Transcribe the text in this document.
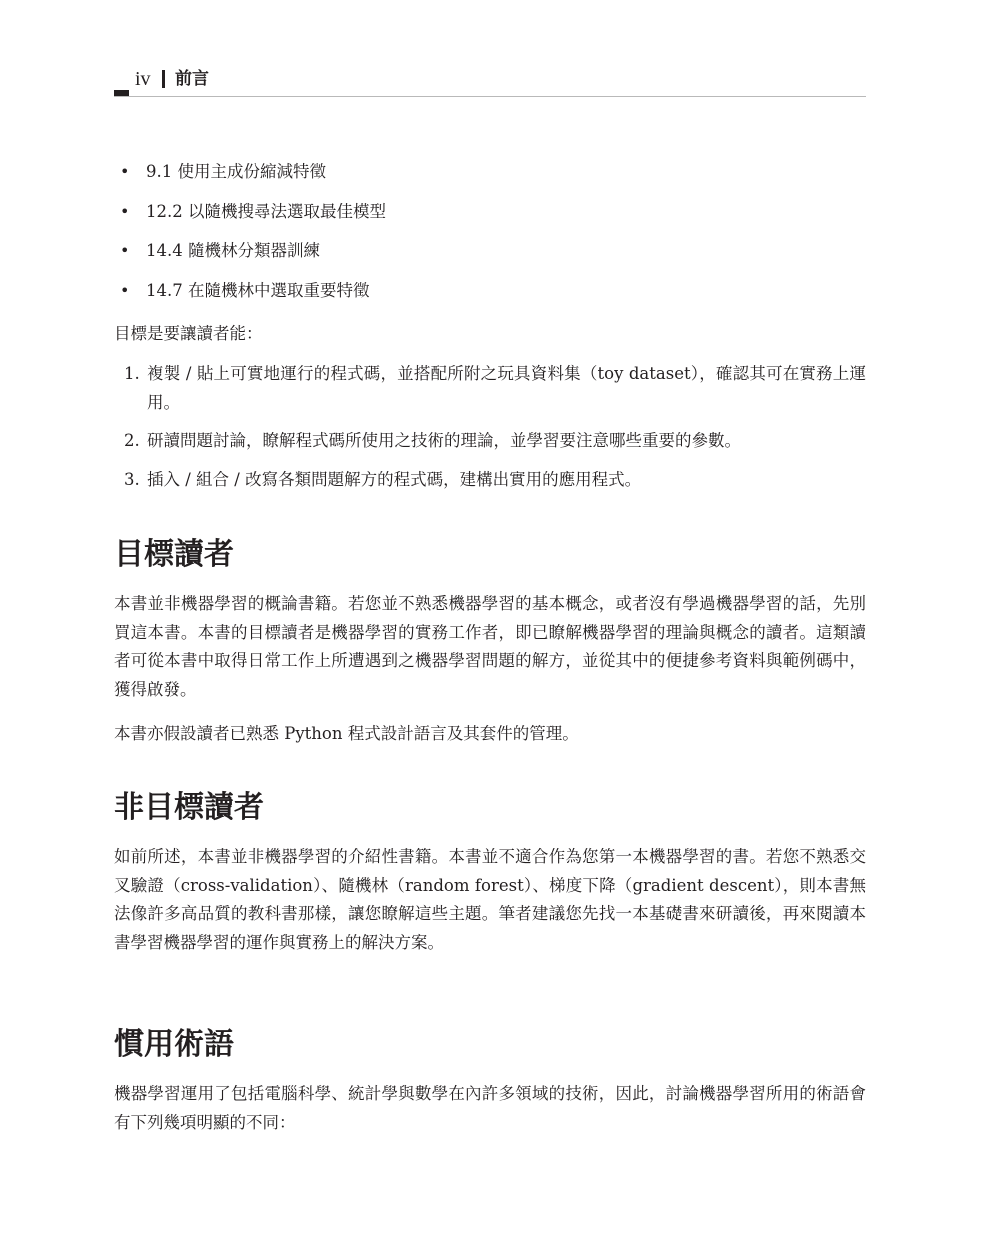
iv 前言
• 9.1 使用主成份縮減特徵
• 12.2 以隨機搜尋法選取最佳模型
• 14.4 隨機林分類器訓練
• 14.7 在隨機林中選取重要特徵

目標是要讓讀者能：

1. 複製 / 貼上可實地運行的程式碼，並搭配所附之玩具資料集（toy dataset），確認其可在實務上運用。
2. 研讀問題討論，瞭解程式碼所使用之技術的理論，並學習要注意哪些重要的參數。
3. 插入 / 組合 / 改寫各類問題解方的程式碼，建構出實用的應用程式。
目標讀者

本書並非機器學習的概論書籍。若您並不熟悉機器學習的基本概念，或者沒有學過機器學習的話，先別買這本書。本書的目標讀者是機器學習的實務工作者，即已瞭解機器學習的理論與概念的讀者。這類讀者可從本書中取得日常工作上所遭遇到之機器學習問題的解方，並從其中的便捷參考資料與範例碼中，獲得啟發。

本書亦假設讀者已熟悉 Python 程式設計語言及其套件的管理。

非目標讀者

如前所述，本書並非機器學習的介紹性書籍。本書並不適合作為您第一本機器學習的書。若您不熟悉交叉驗證（cross-validation）、隨機林（random forest）、梯度下降（gradient descent），則本書無法像許多高品質的教科書那樣，讓您瞭解這些主題。筆者建議您先找一本基礎書來研讀後，再來閱讀本書學習機器學習的運作與實務上的解決方案。

慣用術語

機器學習運用了包括電腦科學、統計學與數學在內許多領域的技術，因此，討論機器學習所用的術語會有下列幾項明顯的不同：
